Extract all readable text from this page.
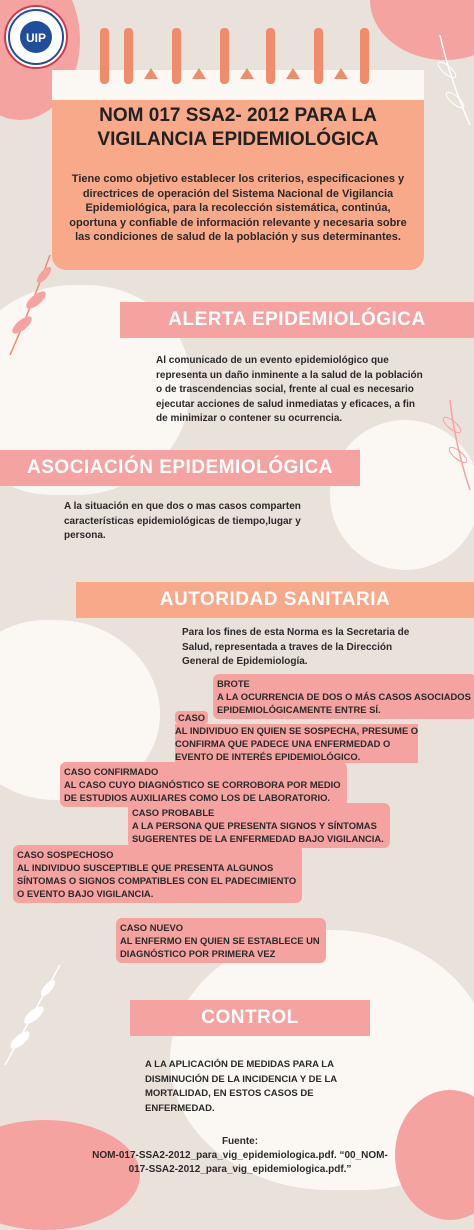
UIP
NOM 017 SSA2- 2012 PARA LA
VIGILANCIA EPIDEMIOLÓGICA
Tiene como objetivo establecer los criterios, especificaciones y directrices de operación del Sistema Nacional de Vigilancia Epidemiológica, para la recolección sistemática, continúa, oportuna y confiable de información relevante y necesaria sobre las condiciones de salud de la población y sus determinantes.
ALERTA EPIDEMIOLÓGICA
Al comunicado de un evento epidemiológico que representa un daño inminente a la salud de la población o de trascendencias social, frente al cual es necesario ejecutar acciones de salud inmediatas y eficaces, a fin de minimizar o contener su ocurrencia.
ASOCIACIÓN EPIDEMIOLÓGICA
A la situación en que dos o mas casos comparten características epidemiológicas de tiempo,lugar y persona.
AUTORIDAD SANITARIA
Para los fines de esta Norma es la Secretaria de Salud, representada a traves de la Dirección General de Epidemiología.
BROTE
A LA OCURRENCIA DE DOS O MÁS CASOS ASOCIADOS
EPIDEMIOLÓGICAMENTE ENTRE SÍ.
CASO
AL INDIVIDUO EN QUIEN SE SOSPECHA, PRESUME O
CONFIRMA QUE PADECE UNA ENFERMEDAD O
EVENTO DE INTERÉS EPIDEMIOLÓGICO.
CASO CONFIRMADO
AL CASO CUYO DIAGNÓSTICO SE CORROBORA POR MEDIO
DE ESTUDIOS AUXILIARES COMO LOS DE LABORATORIO.
CASO PROBABLE
A LA PERSONA QUE PRESENTA SIGNOS Y SÍNTOMAS
SUGERENTES DE LA ENFERMEDAD BAJO VIGILANCIA.
CASO SOSPECHOSO
AL INDIVIDUO SUSCEPTIBLE QUE PRESENTA ALGUNOS
SÍNTOMAS O SIGNOS COMPATIBLES CON EL PADECIMIENTO
O EVENTO BAJO VIGILANCIA.
CASO NUEVO
AL ENFERMO EN QUIEN SE ESTABLECE UN
DIAGNÓSTICO POR PRIMERA VEZ
CONTROL
A LA APLICACIÓN DE MEDIDAS PARA LA DISMINUCIÓN DE LA INCIDENCIA Y DE LA MORTALIDAD, EN ESTOS CASOS DE ENFERMEDAD.
Fuente:
NOM-017-SSA2-2012_para_vig_epidemiologica.pdf. “00_NOM-
017-SSA2-2012_para_vig_epidemiologica.pdf.”
